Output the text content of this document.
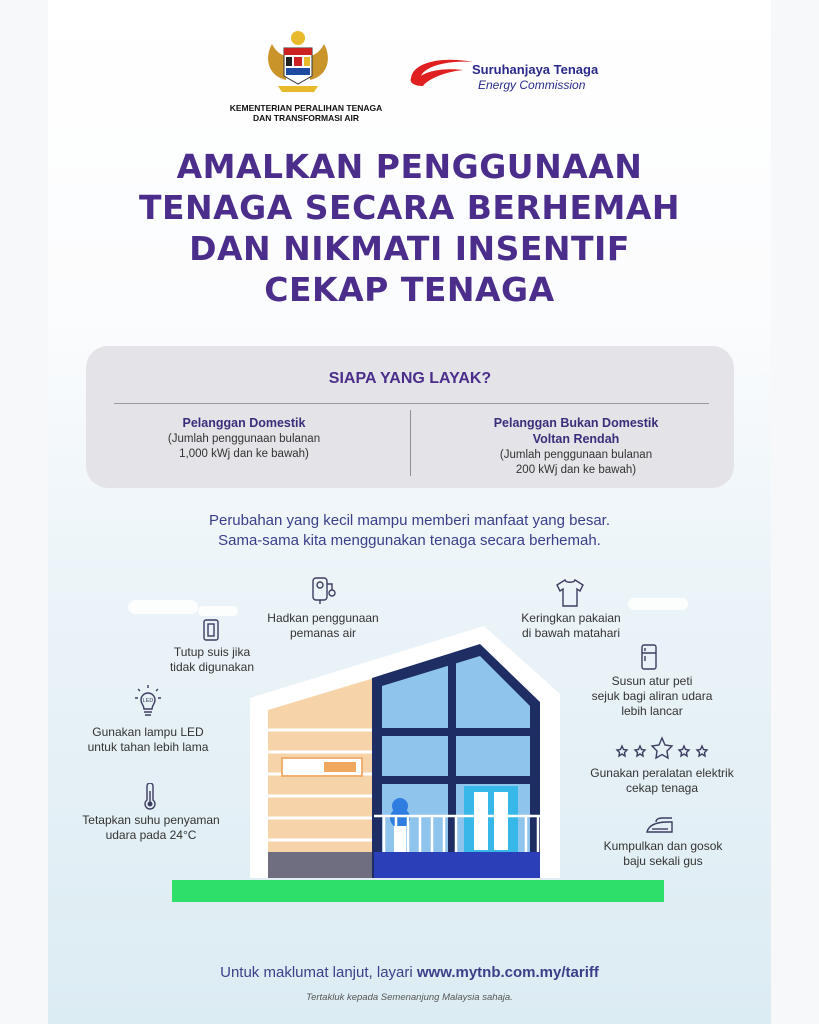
KEMENTERIAN PERALIHAN TENAGA
DAN TRANSFORMASI AIR
Suruhanjaya Tenaga
Energy Commission
AMALKAN PENGGUNAAN
TENAGA SECARA BERHEMAH
DAN NIKMATI INSENTIF
CEKAP TENAGA
SIAPA YANG LAYAK?
Pelanggan Domestik
(Jumlah penggunaan bulanan
1,000 kWj dan ke bawah)
Pelanggan Bukan Domestik
Voltan Rendah
(Jumlah penggunaan bulanan
200 kWj dan ke bawah)
Perubahan yang kecil mampu memberi manfaat yang besar.
Sama-sama kita menggunakan tenaga secara berhemah.
Hadkan penggunaan
pemanas air
Tutup suis jika
tidak digunakan
LED
Gunakan lampu LED
untuk tahan lebih lama
Tetapkan suhu penyaman
udara pada 24°C
Keringkan pakaian
di bawah matahari
Susun atur peti
sejuk bagi aliran udara
lebih lancar
Gunakan peralatan elektrik
cekap tenaga
Kumpulkan dan gosok
baju sekali gus
Untuk maklumat lanjut, layari www.mytnb.com.my/tariff
Tertakluk kepada Semenanjung Malaysia sahaja.
